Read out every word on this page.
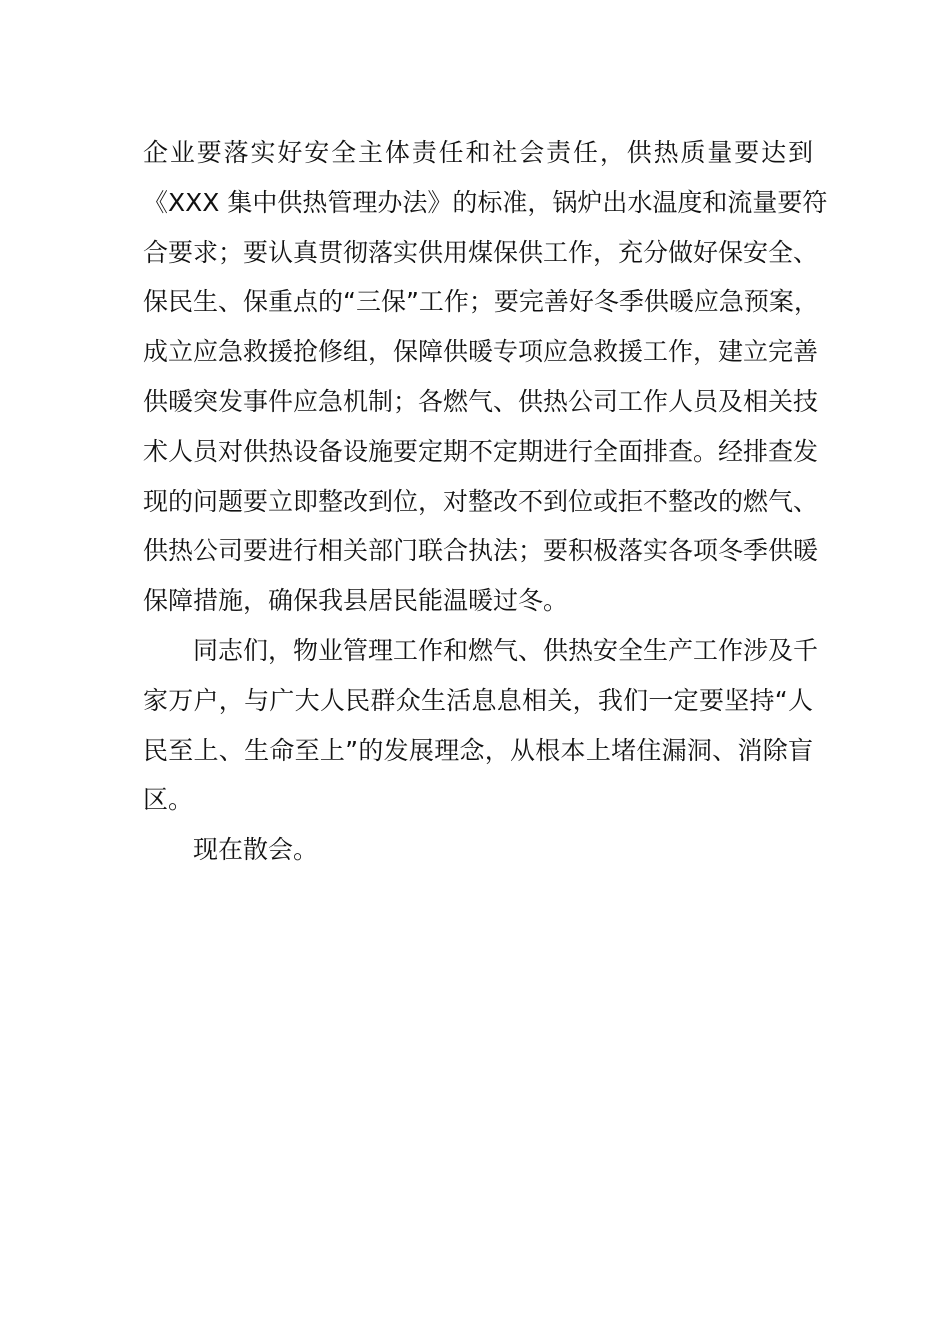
企业要落实好安全主体责任和社会责任，供热质量要达到
《XXX 集中供热管理办法》的标准，锅炉出水温度和流量要符
合要求；要认真贯彻落实供用煤保供工作，充分做好保安全、
保民生、保重点的“三保”工作；要完善好冬季供暖应急预案，
成立应急救援抢修组，保障供暖专项应急救援工作，建立完善
供暖突发事件应急机制；各燃气、供热公司工作人员及相关技
术人员对供热设备设施要定期不定期进行全面排查。经排查发
现的问题要立即整改到位，对整改不到位或拒不整改的燃气、
供热公司要进行相关部门联合执法；要积极落实各项冬季供暖
保障措施，确保我县居民能温暖过冬。
同志们，物业管理工作和燃气、供热安全生产工作涉及千
家万户，与广大人民群众生活息息相关，我们一定要坚持“人
民至上、生命至上”的发展理念，从根本上堵住漏洞、消除盲
区。
现在散会。
